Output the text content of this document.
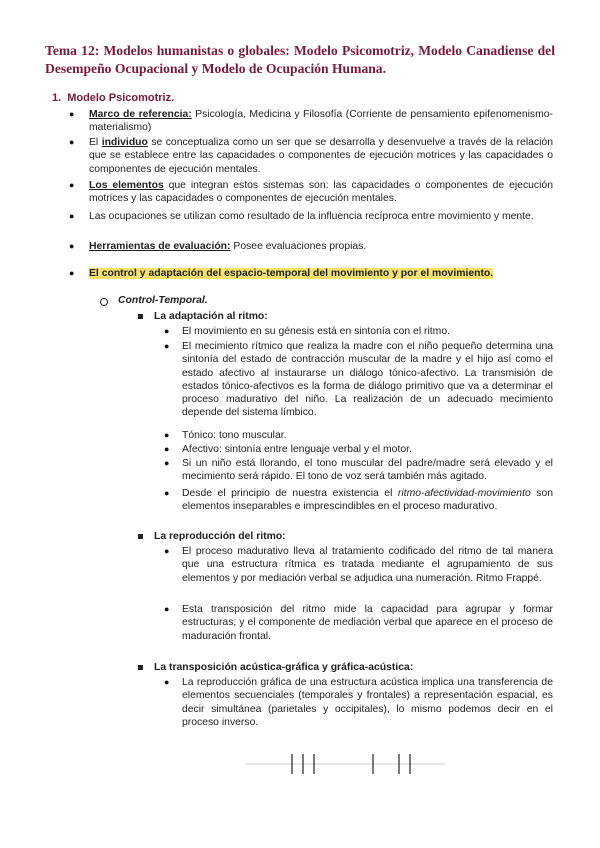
Tema 12: Modelos humanistas o globales: Modelo Psicomotriz, Modelo Canadiense del Desempeño Ocupacional y Modelo de Ocupación Humana.

1. Modelo Psicomotriz.

● Marco de referencia: Psicología, Medicina y Filosofía (Corriente de pensamiento epifenomenismo-materialismo)
● El individuo se conceptualiza como un ser que se desarrolla y desenvuelve a través de la relación que se establece entre las capacidades o componentes de ejecución motrices y las capacidades o componentes de ejecución mentales.
● Los elementos que integran estos sistemas son: las capacidades o componentes de ejecución motrices y las capacidades o componentes de ejecución mentales.
● Las ocupaciones se utilizan como resultado de la influencia recíproca entre movimiento y mente.
● Herramientas de evaluación: Posee evaluaciones propias.
● El control y adaptación del espacio-temporal del movimiento y por el movimiento.
Control-Temporal.
La adaptación al ritmo:
● El movimiento en su génesis está en sintonía con el ritmo.
● El mecimiento rítmico que realiza la madre con el niño pequeño determina una sintonía del estado de contracción muscular de la madre y el hijo así como el estado afectivo al instaurarse un diálogo tónico-afectivo. La transmisión de estados tónico-afectivos es la forma de diálogo primitivo que va a determinar el proceso madurativo del niño. La realización de un adecuado mecimiento depende del sistema límbico.
● Tónico: tono muscular.
● Afectivo: sintonía entre lenguaje verbal y el motor.
● Si un niño está llorando, el tono muscular del padre/madre será elevado y el mecimiento será rápido. El tono de voz será también más agitado.
● Desde el principio de nuestra existencia el ritmo-afectividad-movimiento son elementos inseparables e imprescindibles en el proceso madurativo.
La reproducción del ritmo:
● El proceso madurativo lleva al tratamiento codificado del ritmo de tal manera que una estructura rítmica es tratada mediante el agrupamiento de sus elementos y por mediación verbal se adjudica una numeración. Ritmo Frappé.
● Esta transposición del ritmo mide la capacidad para agrupar y formar estructuras; y el componente de mediación verbal que aparece en el proceso de maduración frontal.
La transposición acústica-gráfica y gráfica-acústica:
● La reproducción gráfica de una estructura acústica implica una transferencia de elementos secuenciales (temporales y frontales) a representación espacial, es decir simultánea (parietales y occipitales), lo mismo podemos decir en el proceso inverso.
